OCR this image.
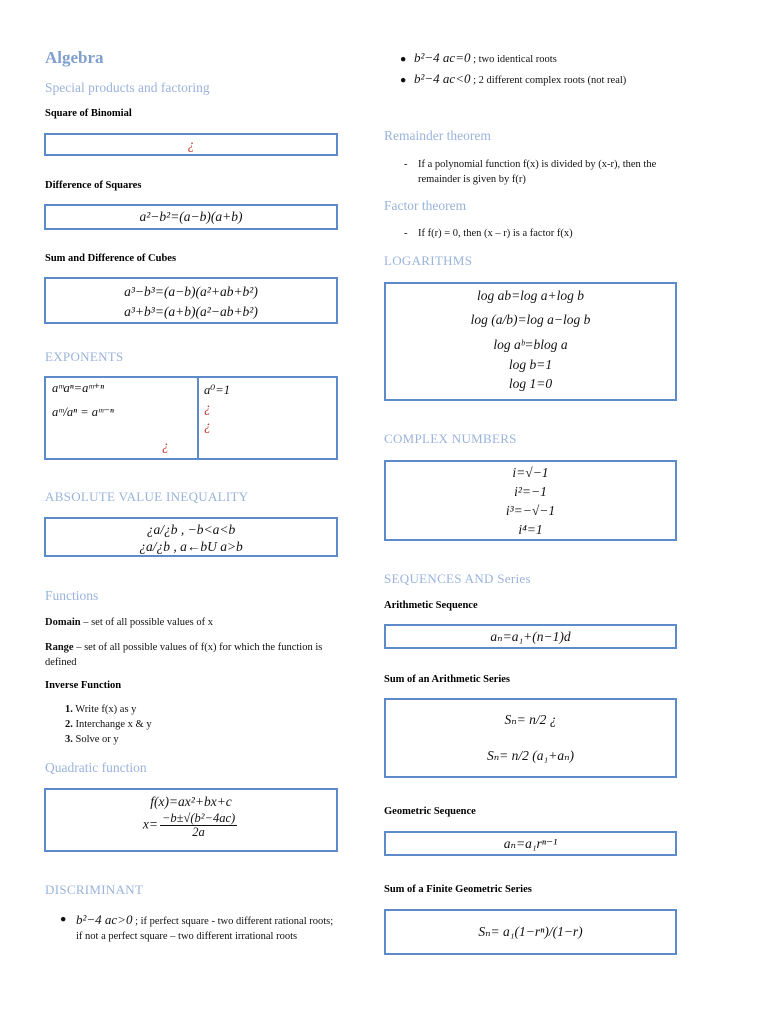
Algebra
Special products and factoring
Square of Binomial
¿
Difference of Squares
a²−b²=(a−b)(a+b)
Sum and Difference of Cubes
a³−b³=(a−b)(a²+ab+b²)
a³+b³=(a+b)(a²−ab+b²)
EXPONENTS
aᵐaⁿ=aᵐ⁺ⁿ
aᵐ/aⁿ = aᵐ⁻ⁿ
¿
a⁰=1
¿
¿
ABSOLUTE VALUE INEQUALITY
¿a/¿b , −b<a<b
¿a/¿b , a←bU a>b
Functions
Domain – set of all possible values of x
Range – set of all possible values of f(x) for which the function is defined
Inverse Function
1. Write f(x) as y
2. Interchange x & y
3. Solve or y
Quadratic function
f(x)=ax²+bx+c
$x= \frac{\text{−b±√(b²−4ac)}}{2a}$
DISCRIMINANT
● b²−4 ac>0 ; if perfect square - two different rational roots; if not a perfect square – two different irrational roots
● b²−4 ac=0 ; two identical roots
● b²−4 ac<0 ; 2 different complex roots (not real)
Remainder theorem
-	If a polynomial function f(x) is divided by (x-r), then the remainder is given by f(r)
Factor theorem
-	If f(r) = 0, then (x – r) is a factor f(x)
LOGARITHMS
log ab=log a+log b
log (a/b)=log a−log b
log aᵇ=blog a
log b=1
log 1=0
COMPLEX NUMBERS
i=√−1
i²=−1
i³=−√−1
i⁴=1
SEQUENCES AND Series
Arithmetic Sequence
aₙ=a₁+(n−1)d
Sum of an Arithmetic Series
Sₙ= n/2 ¿
Sₙ= n/2 (a₁+aₙ)
Geometric Sequence
aₙ=a₁rⁿ⁻¹
Sum of a Finite Geometric Series
Sₙ= a₁(1−rⁿ)/(1−r)
